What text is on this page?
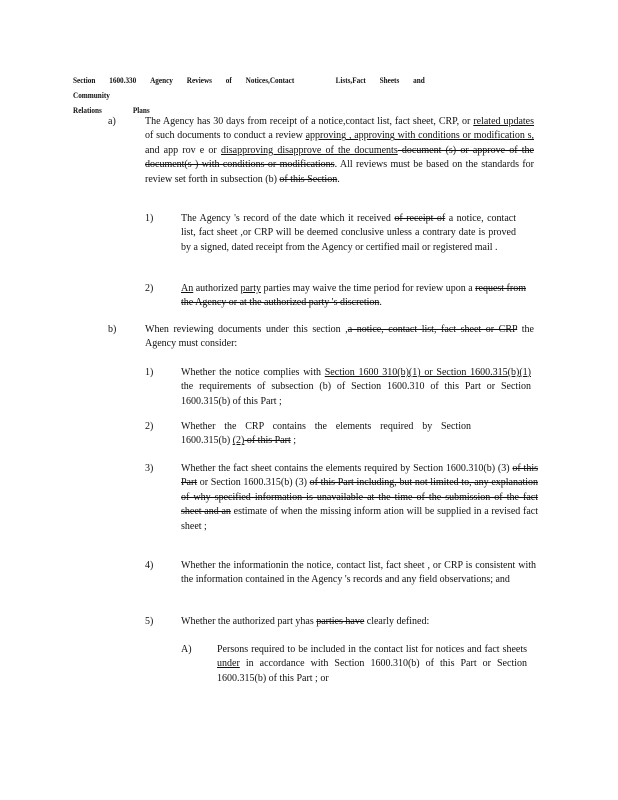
Section 1600.330 Agency Reviews of Notices,Contact	Lists,Fact Sheets and Community
Relations	Plans
a)	The Agency has 30 days from receipt of a notice,contact list, fact sheet, CRP, or related updates of such documents to conduct a review approving , approving with conditions or modification s, and app rov e or disapproving disapprove of the documents document (s) or approve of the document(s ) with conditions or modifications. All reviews must be based on the standards for review set forth in subsection (b) of this Section.
1)	The Agency 's record of the date which it received of receipt of a notice, contact list, fact sheet ,or CRP will be deemed conclusive unless a contrary date is proved by a signed, dated receipt from the Agency or certified mail or registered mail .
2)	An authorized party parties may waive the time period for review upon a request from the Agency or at the authorized party 's discretion.
b)	When reviewing documents under this section ,a notice, contact list, fact sheet or CRP the Agency must consider:
1)	Whether the notice complies with Section 1600 310(b)(1) or Section 1600.315(b)(1) the requirements of subsection (b) of Section 1600.310 of this Part or Section 1600.315(b) of this Part ;
2)	Whether the CRP contains the elements required by Section 1600.315(b) (2) of this Part ;
3)	Whether the fact sheet contains the elements required by Section 1600.310(b) (3) of this Part or Section 1600.315(b) (3) of this Part including, but not limited to, any explanation of why specified information is unavailable at the time of the submission of the fact sheet and an estimate of when the missing inform ation will be supplied in a revised fact sheet ;
4)	Whether the informationin the notice, contact list, fact sheet , or CRP is consistent with the information contained in the Agency 's records and any field observations; and
5)	Whether the authorized part yhas parties have clearly defined:
A)	Persons required to be included in the contact list for notices and fact sheets under in accordance with Section 1600.310(b) of this Part or Section 1600.315(b) of this Part ; or
